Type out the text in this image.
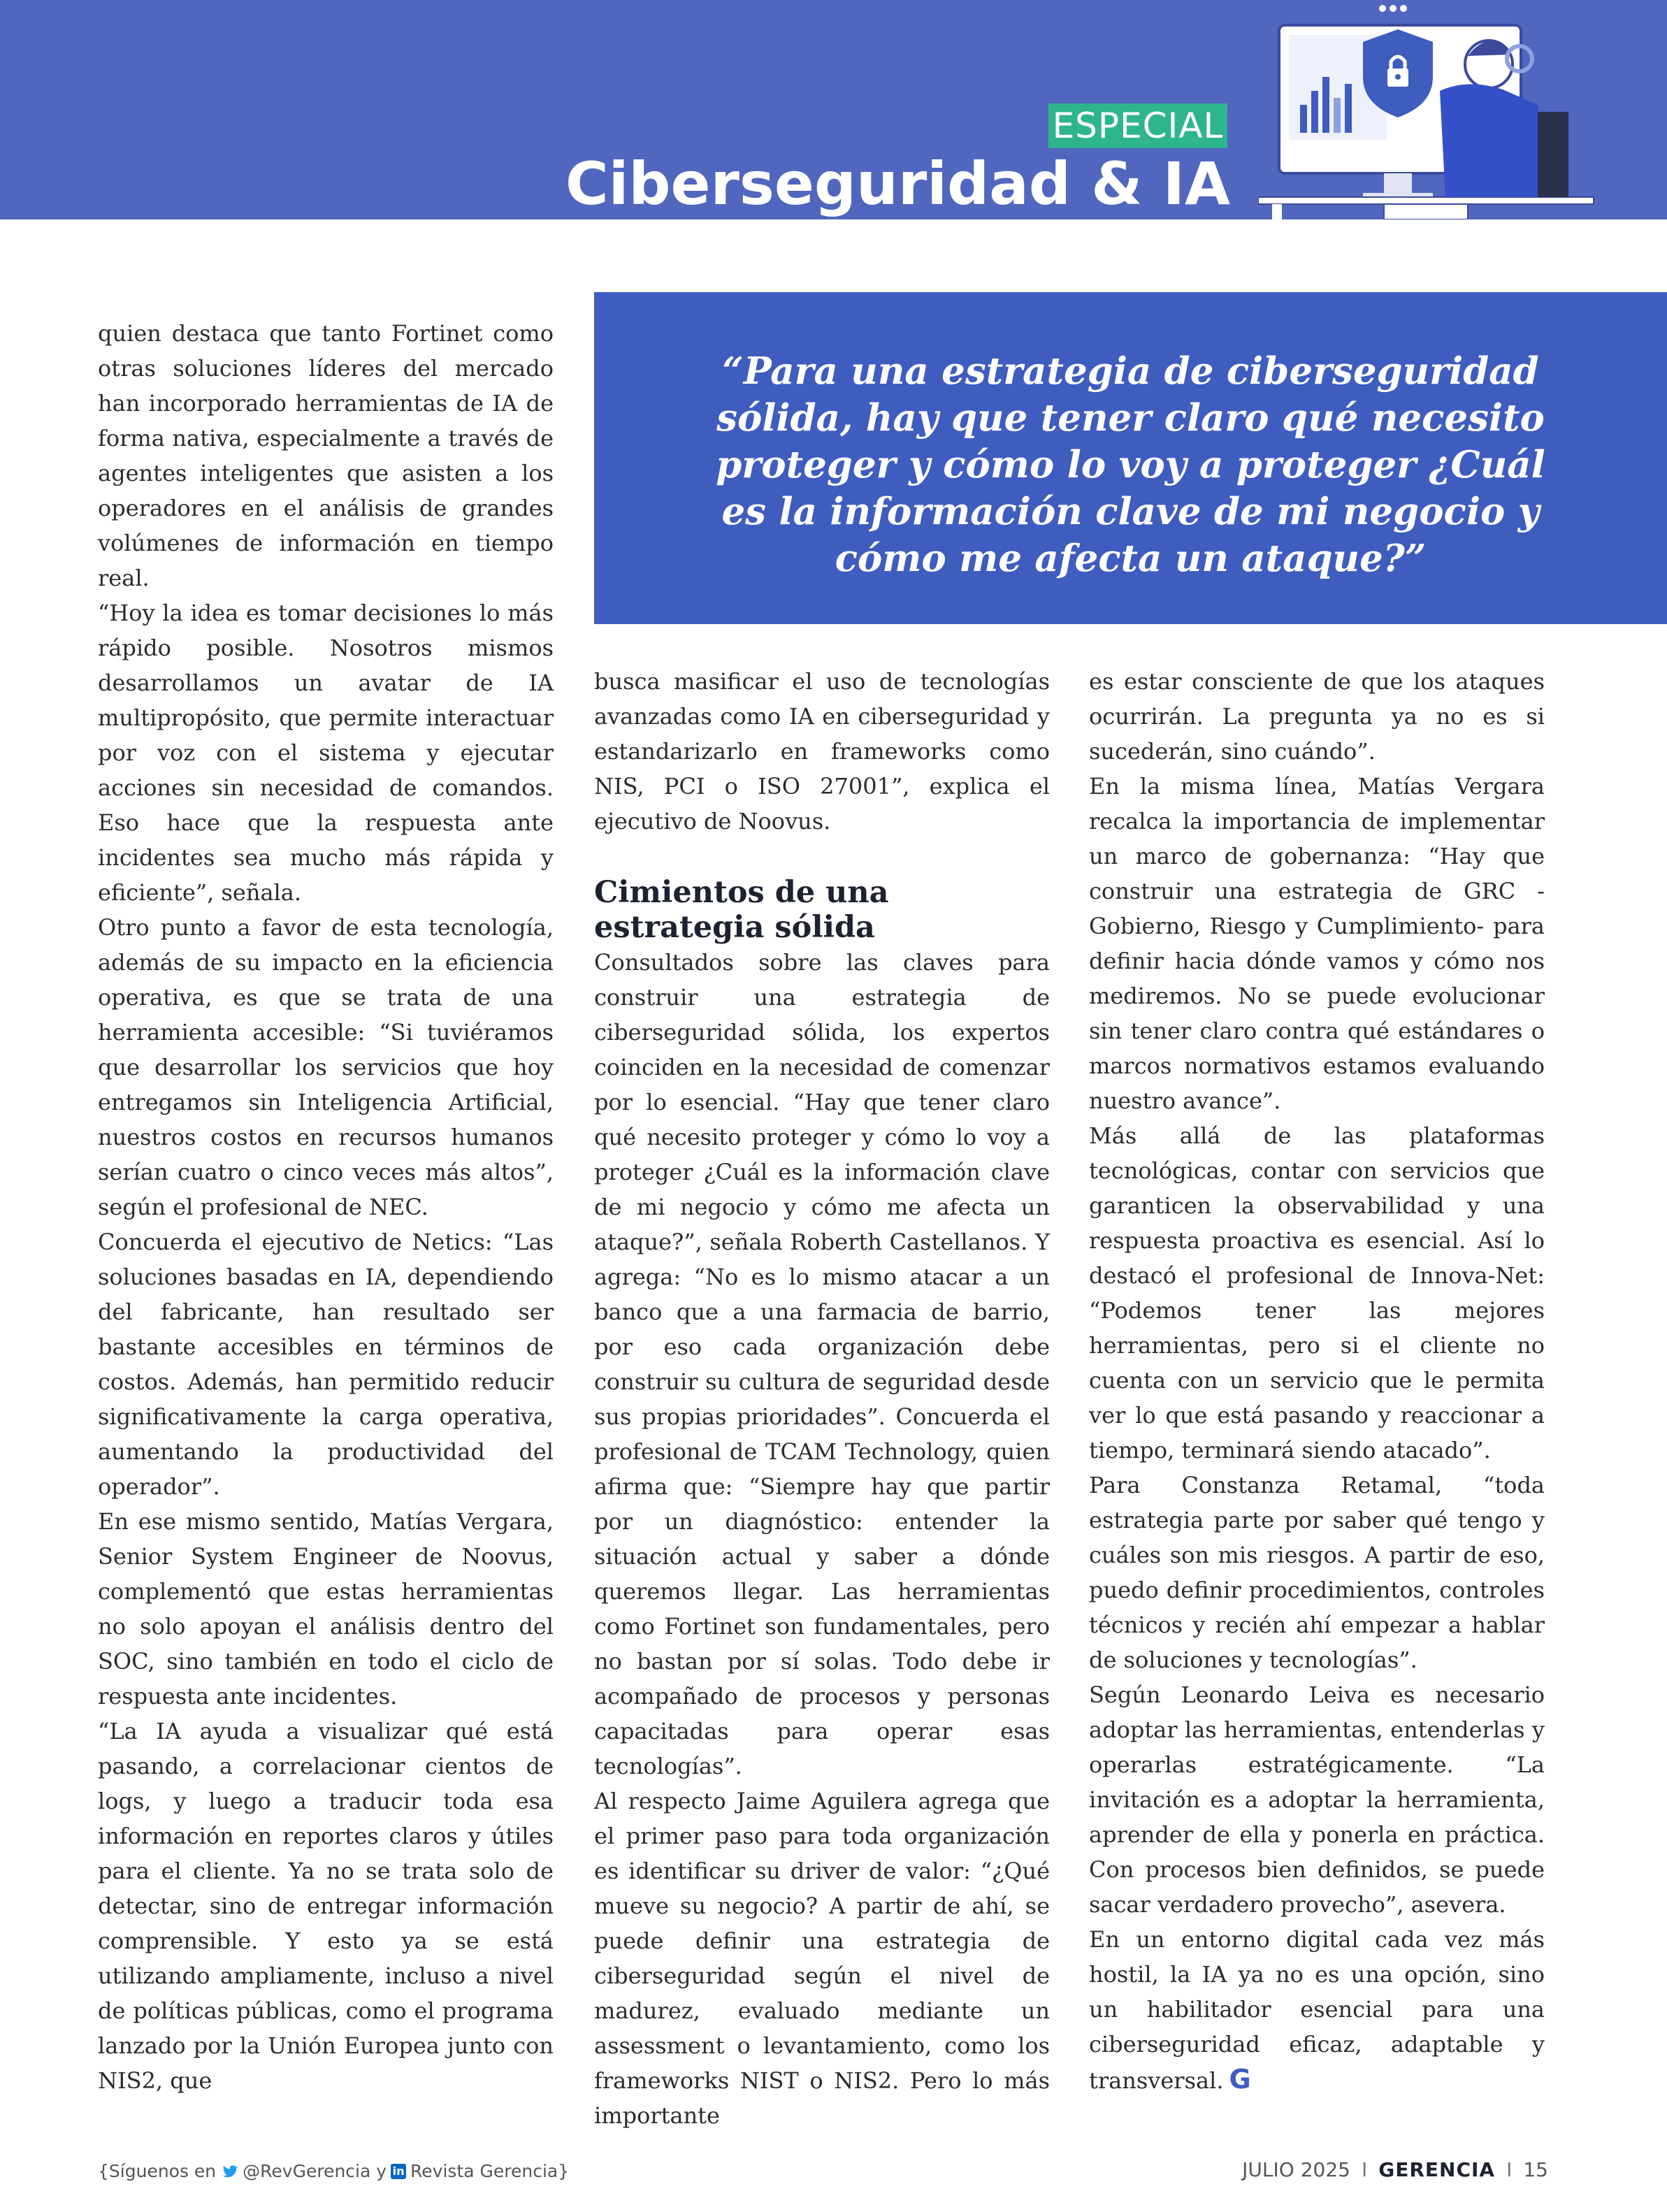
ESPECIAL
Ciberseguridad & IA
“Para una estrategia de ciberseguridad sólida, hay que tener claro qué necesito proteger y cómo lo voy a proteger ¿Cuál es la información clave de mi negocio y cómo me afecta un ataque?”

quien destaca que tanto Fortinet como otras soluciones líderes del mercado han incorporado herramientas de IA de forma nativa, especialmente a través de agentes inteligentes que asisten a los operadores en el análisis de grandes volúmenes de información en tiempo real.

“Hoy la idea es tomar decisiones lo más rápido posible. Nosotros mismos desarrollamos un avatar de IA multipropósito, que permite interactuar por voz con el sistema y ejecutar acciones sin necesidad de comandos. Eso hace que la respuesta ante incidentes sea mucho más rápida y eficiente”, señala.

Otro punto a favor de esta tecnología, además de su impacto en la eficiencia operativa, es que se trata de una herramienta accesible: “Si tuviéramos que desarrollar los servicios que hoy entregamos sin Inteligencia Artificial, nuestros costos en recursos humanos serían cuatro o cinco veces más altos”, según el profesional de NEC.

Concuerda el ejecutivo de Netics: “Las soluciones basadas en IA, dependiendo del fabricante, han resultado ser bastante accesibles en términos de costos. Además, han permitido reducir significativamente la carga operativa, aumentando la productividad del operador”.

En ese mismo sentido, Matías Vergara, Senior System Engineer de Noovus, complementó que estas herramientas no solo apoyan el análisis dentro del SOC, sino también en todo el ciclo de respuesta ante incidentes.

“La IA ayuda a visualizar qué está pasando, a correlacionar cientos de logs, y luego a traducir toda esa información en reportes claros y útiles para el cliente. Ya no se trata solo de detectar, sino de entregar información comprensible. Y esto ya se está utilizando ampliamente, incluso a nivel de políticas públicas, como el programa lanzado por la Unión Europea junto con NIS2, que

busca masificar el uso de tecnologías avanzadas como IA en ciberseguridad y estandarizarlo en frameworks como NIS, PCI o ISO 27001”, explica el ejecutivo de Noovus.

Cimientos de una estrategia sólida

Consultados sobre las claves para construir una estrategia de ciberseguridad sólida, los expertos coinciden en la necesidad de comenzar por lo esencial. “Hay que tener claro qué necesito proteger y cómo lo voy a proteger ¿Cuál es la información clave de mi negocio y cómo me afecta un ataque?”, señala Roberth Castellanos. Y agrega: “No es lo mismo atacar a un banco que a una farmacia de barrio, por eso cada organización debe construir su cultura de seguridad desde sus propias prioridades”. Concuerda el profesional de TCAM Technology, quien afirma que: “Siempre hay que partir por un diagnóstico: entender la situación actual y saber a dónde queremos llegar. Las herramientas como Fortinet son fundamentales, pero no bastan por sí solas. Todo debe ir acompañado de procesos y personas capacitadas para operar esas tecnologías”.

Al respecto Jaime Aguilera agrega que el primer paso para toda organización es identificar su driver de valor: “¿Qué mueve su negocio? A partir de ahí, se puede definir una estrategia de ciberseguridad según el nivel de madurez, evaluado mediante un assessment o levantamiento, como los frameworks NIST o NIS2. Pero lo más importante

es estar consciente de que los ataques ocurrirán. La pregunta ya no es si sucederán, sino cuándo”.

En la misma línea, Matías Vergara recalca la importancia de implementar un marco de gobernanza: “Hay que construir una estrategia de GRC -Gobierno, Riesgo y Cumplimiento- para definir hacia dónde vamos y cómo nos mediremos. No se puede evolucionar sin tener claro contra qué estándares o marcos normativos estamos evaluando nuestro avance”.

Más allá de las plataformas tecnológicas, contar con servicios que garanticen la observabilidad y una respuesta proactiva es esencial. Así lo destacó el profesional de Innova-Net: “Podemos tener las mejores herramientas, pero si el cliente no cuenta con un servicio que le permita ver lo que está pasando y reaccionar a tiempo, terminará siendo atacado”.

Para Constanza Retamal, “toda estrategia parte por saber qué tengo y cuáles son mis riesgos. A partir de eso, puedo definir procedimientos, controles técnicos y recién ahí empezar a hablar de soluciones y tecnologías”.

Según Leonardo Leiva es necesario adoptar las herramientas, entenderlas y operarlas estratégicamente. “La invitación es a adoptar la herramienta, aprender de ella y ponerla en práctica. Con procesos bien definidos, se puede sacar verdadero provecho”, asevera.

En un entorno digital cada vez más hostil, la IA ya no es una opción, sino un habilitador esencial para una ciberseguridad eficaz, adaptable y transversal. G

{Síguenos en @RevGerencia y in Revista Gerencia}	JULIO 2025 I GERENCIA I 15
